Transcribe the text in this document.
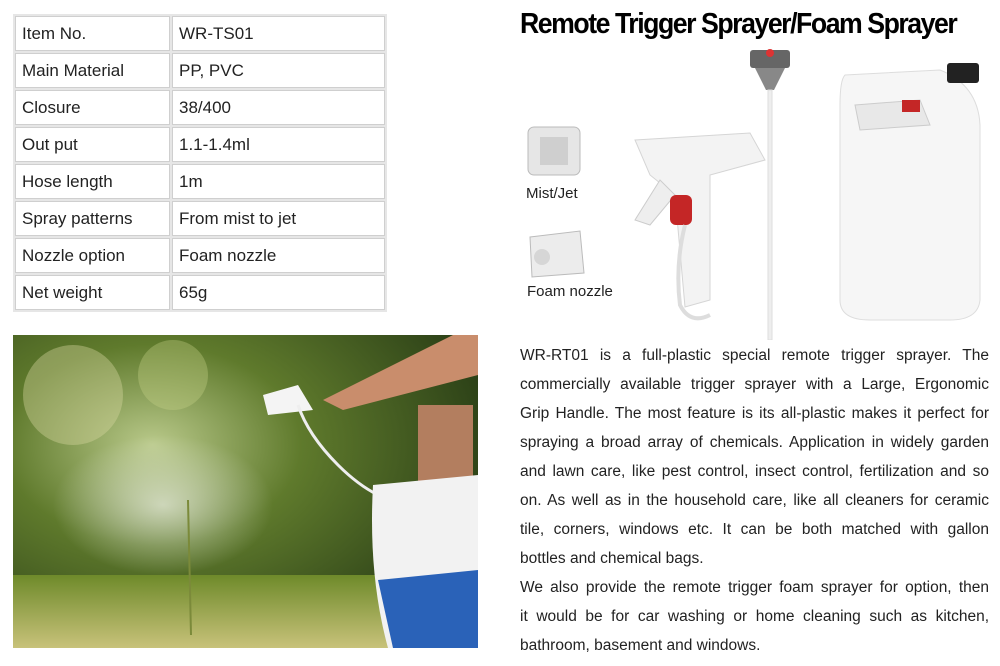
Item No.	WR-TS01
Main Material	PP, PVC
Closure	38/400
Out put	1.1-1.4ml
Hose length	1m
Spray patterns	From mist to jet
Nozzle option	Foam nozzle
Net weight	65g
Remote Trigger Sprayer/Foam Sprayer
Mist/Jet
Foam nozzle
WR-RT01 is a full-plastic special remote trigger sprayer. The
commercially available trigger sprayer with a Large, Ergonomic
Grip Handle. The most feature is its all-plastic makes it perfect for
spraying a broad array of chemicals. Application in widely garden
and lawn care, like pest control, insect control, fertilization and so
on. As well as in the household care, like all cleaners for ceramic
tile, corners, windows etc. It can be both matched with gallon
bottles and chemical bags.
We also provide the remote trigger foam sprayer for option, then
it would be for car washing or home cleaning such as kitchen,
bathroom, basement and windows.
